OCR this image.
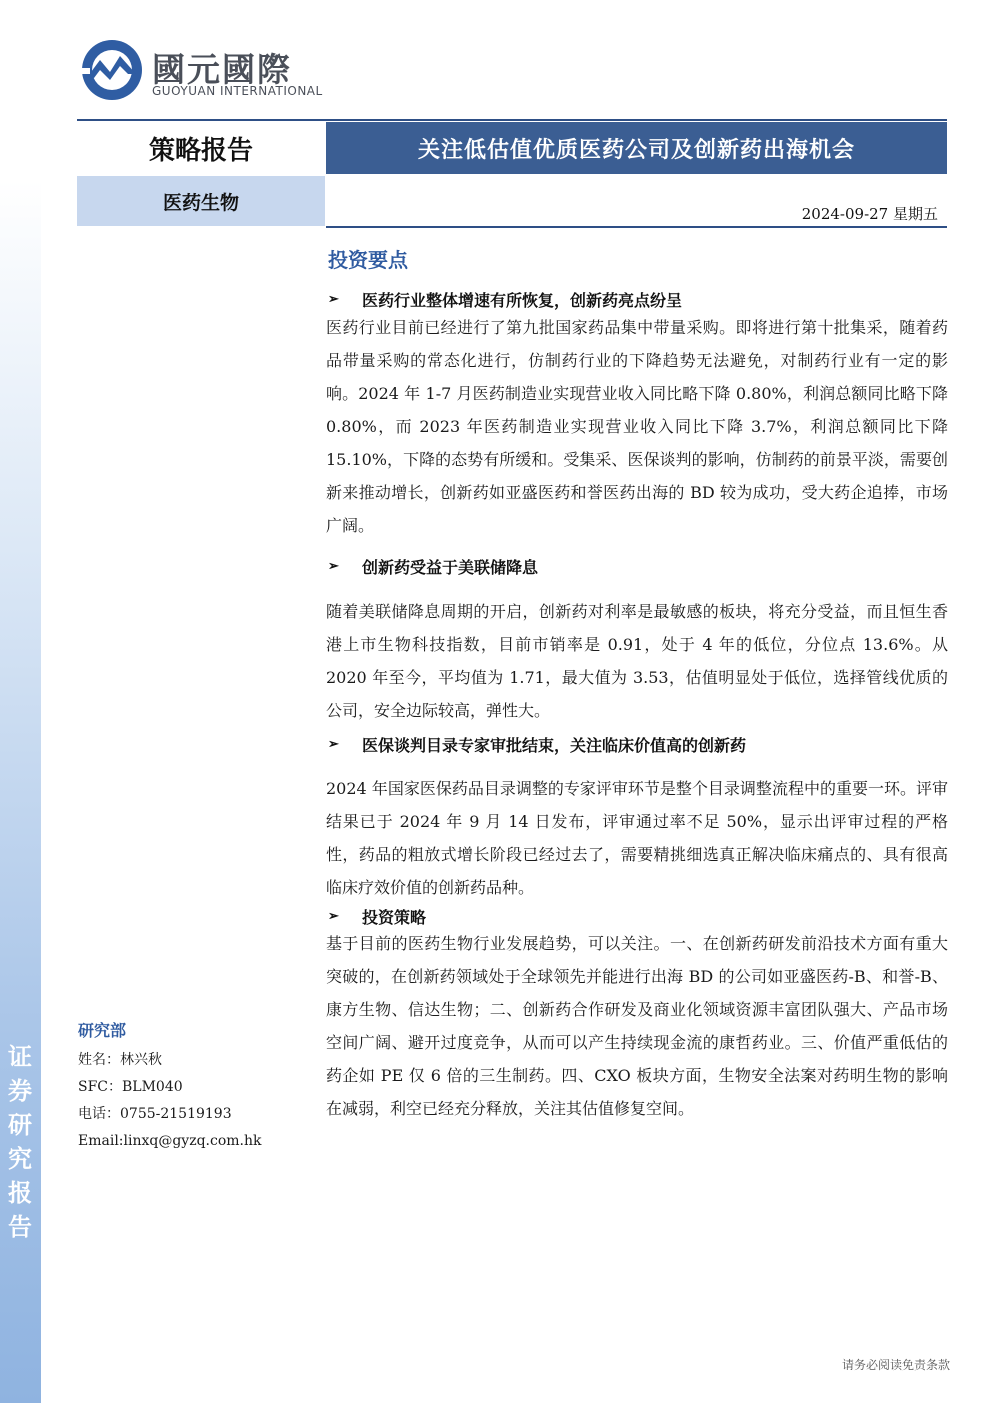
证
券
研
究
报
告
國元國際
GUOYUAN INTERNATIONAL
策略报告	关注低估值优质医药公司及创新药出海机会
医药生物
2024-09-27 星期五
投资要点
➢	医药行业整体增速有所恢复，创新药亮点纷呈

医药行业目前已经进行了第九批国家药品集中带量采购。即将进行第十批集采，随着药品带量采购的常态化进行，仿制药行业的下降趋势无法避免，对制药行业有一定的影响。2024 年 1-7 月医药制造业实现营业收入同比略下降 0.80%，利润总额同比略下降 0.80%，而 2023 年医药制造业实现营业收入同比下降 3.7%，利润总额同比下降 15.10%，下降的态势有所缓和。受集采、医保谈判的影响，仿制药的前景平淡，需要创新来推动增长，创新药如亚盛医药和誉医药出海的 BD 较为成功，受大药企追捧，市场广阔。

➢	创新药受益于美联储降息

随着美联储降息周期的开启，创新药对利率是最敏感的板块，将充分受益，而且恒生香港上市生物科技指数，目前市销率是 0.91，处于 4 年的低位，分位点 13.6%。从 2020 年至今，平均值为 1.71，最大值为 3.53，估值明显处于低位，选择管线优质的公司，安全边际较高，弹性大。

➢	医保谈判目录专家审批结束，关注临床价值高的创新药

2024 年国家医保药品目录调整的专家评审环节是整个目录调整流程中的重要一环。评审结果已于 2024 年 9 月 14 日发布，评审通过率不足 50%，显示出评审过程的严格性，药品的粗放式增长阶段已经过去了，需要精挑细选真正解决临床痛点的、具有很高临床疗效价值的创新药品种。

➢	投资策略

基于目前的医药生物行业发展趋势，可以关注。一、在创新药研发前沿技术方面有重大突破的，在创新药领域处于全球领先并能进行出海 BD 的公司如亚盛医药-B、和誉-B、康方生物、信达生物；二、创新药合作研发及商业化领域资源丰富团队强大、产品市场空间广阔、避开过度竞争，从而可以产生持续现金流的康哲药业。三、价值严重低估的药企如 PE 仅 6 倍的三生制药。四、CXO 板块方面，生物安全法案对药明生物的影响在减弱，利空已经充分释放，关注其估值修复空间。

研究部
姓名：林兴秋
SFC：BLM040
电话：0755-21519193
Email:linxq@gyzq.com.hk
请务必阅读免责条款
